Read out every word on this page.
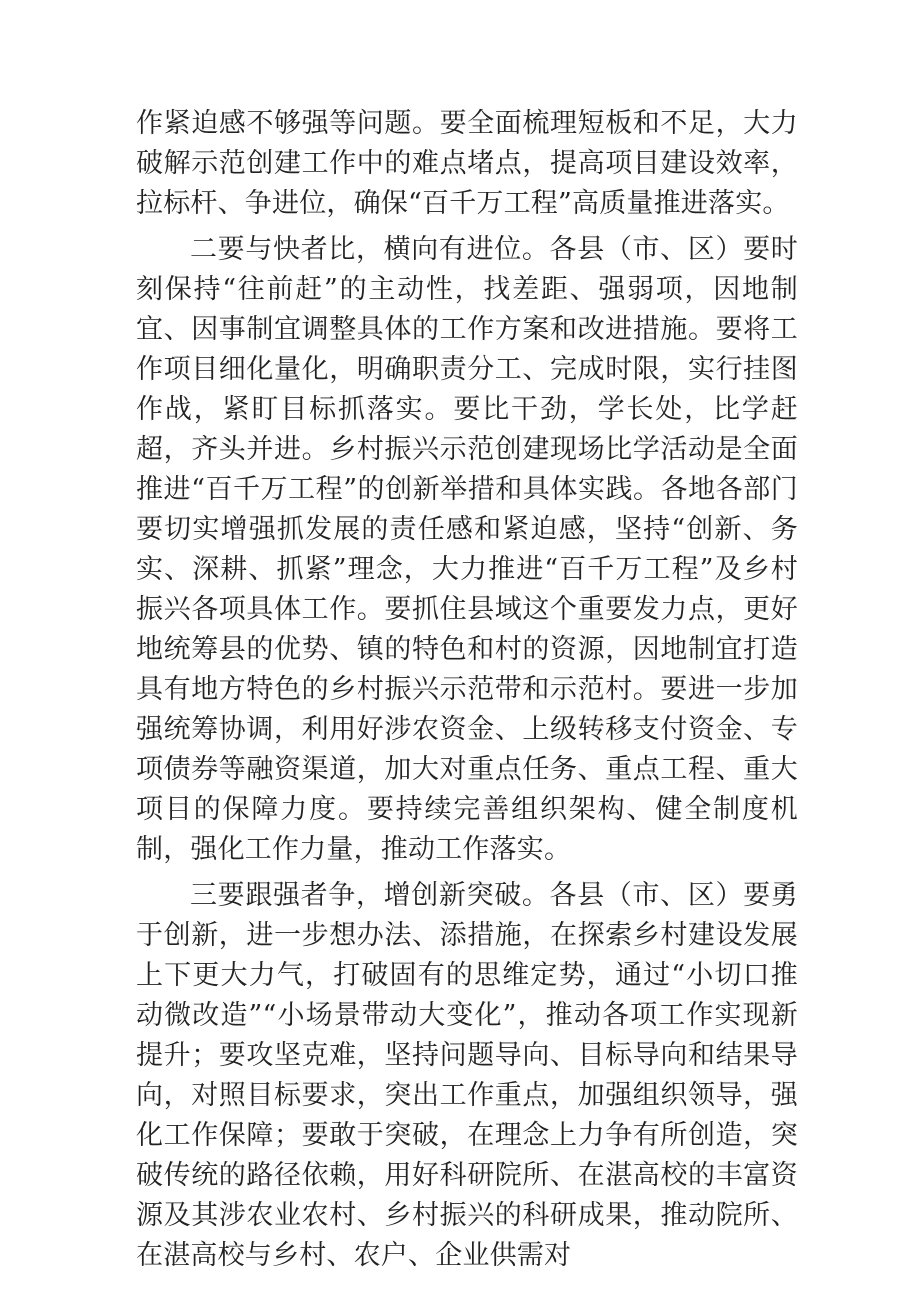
作紧迫感不够强等问题。要全面梳理短板和不足，大力破解示范创建工作中的难点堵点，提高项目建设效率，拉标杆、争进位，确保“百千万工程”高质量推进落实。

二要与快者比，横向有进位。各县（市、区）要时刻保持“往前赶”的主动性，找差距、强弱项，因地制宜、因事制宜调整具体的工作方案和改进措施。要将工作项目细化量化，明确职责分工、完成时限，实行挂图作战，紧盯目标抓落实。要比干劲，学长处，比学赶超，齐头并进。乡村振兴示范创建现场比学活动是全面推进“百千万工程”的创新举措和具体实践。各地各部门要切实增强抓发展的责任感和紧迫感，坚持“创新、务实、深耕、抓紧”理念，大力推进“百千万工程”及乡村振兴各项具体工作。要抓住县域这个重要发力点，更好地统筹县的优势、镇的特色和村的资源，因地制宜打造具有地方特色的乡村振兴示范带和示范村。要进一步加强统筹协调，利用好涉农资金、上级转移支付资金、专项债券等融资渠道，加大对重点任务、重点工程、重大项目的保障力度。要持续完善组织架构、健全制度机制，强化工作力量，推动工作落实。

三要跟强者争，增创新突破。各县（市、区）要勇于创新，进一步想办法、添措施，在探索乡村建设发展上下更大力气，打破固有的思维定势，通过“小切口推动微改造”“小场景带动大变化”，推动各项工作实现新提升；要攻坚克难，坚持问题导向、目标导向和结果导向，对照目标要求，突出工作重点，加强组织领导，强化工作保障；要敢于突破，在理念上力争有所创造，突破传统的路径依赖，用好科研院所、在湛高校的丰富资源及其涉农业农村、乡村振兴的科研成果，推动院所、在湛高校与乡村、农户、企业供需对
